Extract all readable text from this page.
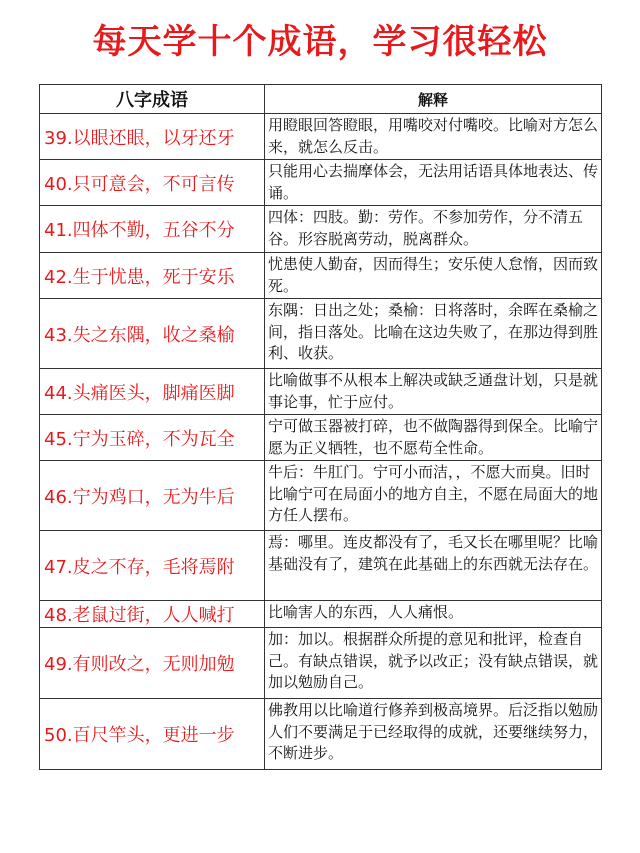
每天学十个成语，学习很轻松
八字成语	解释
39.以眼还眼，以牙还牙	用瞪眼回答瞪眼，用嘴咬对付嘴咬。比喻对方怎么来，就怎么反击。
40.只可意会，不可言传	只能用心去揣摩体会，无法用话语具体地表达、传诵。
41.四体不勤，五谷不分	四体：四肢。勤：劳作。不参加劳作，分不清五谷。形容脱离劳动，脱离群众。
42.生于忧患，死于安乐	忧患使人勤奋，因而得生；安乐使人怠惰，因而致死。
43.失之东隅，收之桑榆	东隅：日出之处；桑榆：日将落时，余晖在桑榆之间，指日落处。比喻在这边失败了，在那边得到胜利、收获。
44.头痛医头，脚痛医脚	比喻做事不从根本上解决或缺乏通盘计划，只是就事论事，忙于应付。
45.宁为玉碎，不为瓦全	宁可做玉器被打碎，也不做陶器得到保全。比喻宁愿为正义牺牲，也不愿苟全性命。
46.宁为鸡口，无为牛后	牛后：牛肛门。宁可小而洁，，不愿大而臭。旧时比喻宁可在局面小的地方自主，不愿在局面大的地方任人摆布。
47.皮之不存，毛将焉附	焉：哪里。连皮都没有了，毛又长在哪里呢？比喻基础没有了，建筑在此基础上的东西就无法存在。
48.老鼠过街，人人喊打	比喻害人的东西，人人痛恨。
49.有则改之，无则加勉	加：加以。根据群众所提的意见和批评，检查自己。有缺点错误，就予以改正；没有缺点错误，就加以勉励自己。
50.百尺竿头，更进一步	佛教用以比喻道行修养到极高境界。后泛指以勉励人们不要满足于已经取得的成就，还要继续努力，不断进步。
